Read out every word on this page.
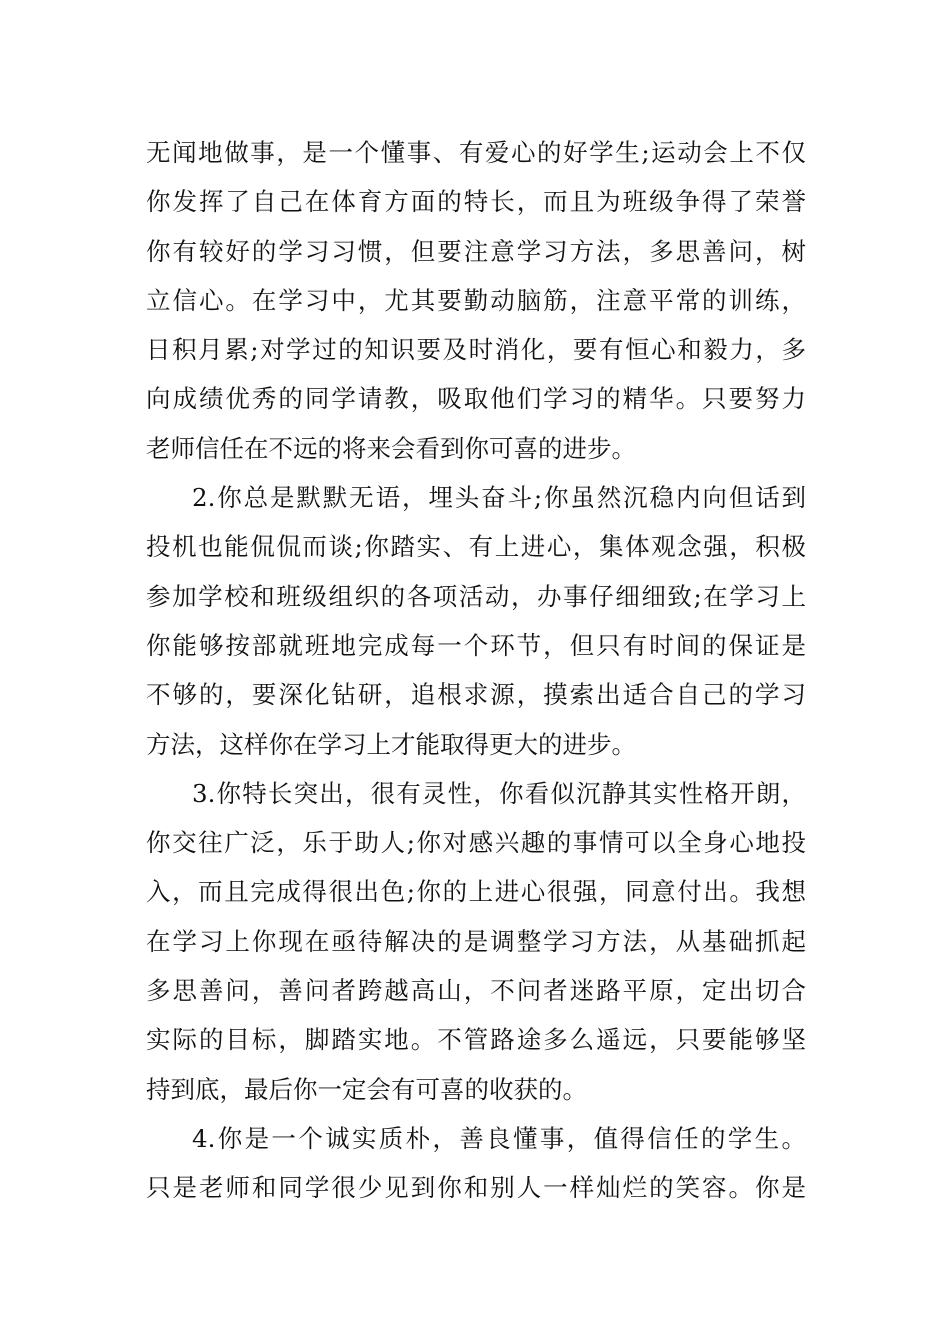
无闻地做事，是一个懂事、有爱心的好学生;运动会上不仅
你发挥了自己在体育方面的特长，而且为班级争得了荣誉
你有较好的学习习惯，但要注意学习方法，多思善问，树
立信心。在学习中，尤其要勤动脑筋，注意平常的训练，
日积月累;对学过的知识要及时消化，要有恒心和毅力，多
向成绩优秀的同学请教，吸取他们学习的精华。只要努力
老师信任在不远的将来会看到你可喜的进步。
2.你总是默默无语，埋头奋斗;你虽然沉稳内向但话到
投机也能侃侃而谈;你踏实、有上进心，集体观念强，积极
参加学校和班级组织的各项活动，办事仔细细致;在学习上
你能够按部就班地完成每一个环节，但只有时间的保证是
不够的，要深化钻研，追根求源，摸索出适合自己的学习
方法，这样你在学习上才能取得更大的进步。
3.你特长突出，很有灵性，你看似沉静其实性格开朗，
你交往广泛，乐于助人;你对感兴趣的事情可以全身心地投
入，而且完成得很出色;你的上进心很强，同意付出。我想
在学习上你现在亟待解决的是调整学习方法，从基础抓起
多思善问，善问者跨越高山，不问者迷路平原，定出切合
实际的目标，脚踏实地。不管路途多么遥远，只要能够坚
持到底，最后你一定会有可喜的收获的。
4.你是一个诚实质朴，善良懂事，值得信任的学生。
只是老师和同学很少见到你和别人一样灿烂的笑容。你是
